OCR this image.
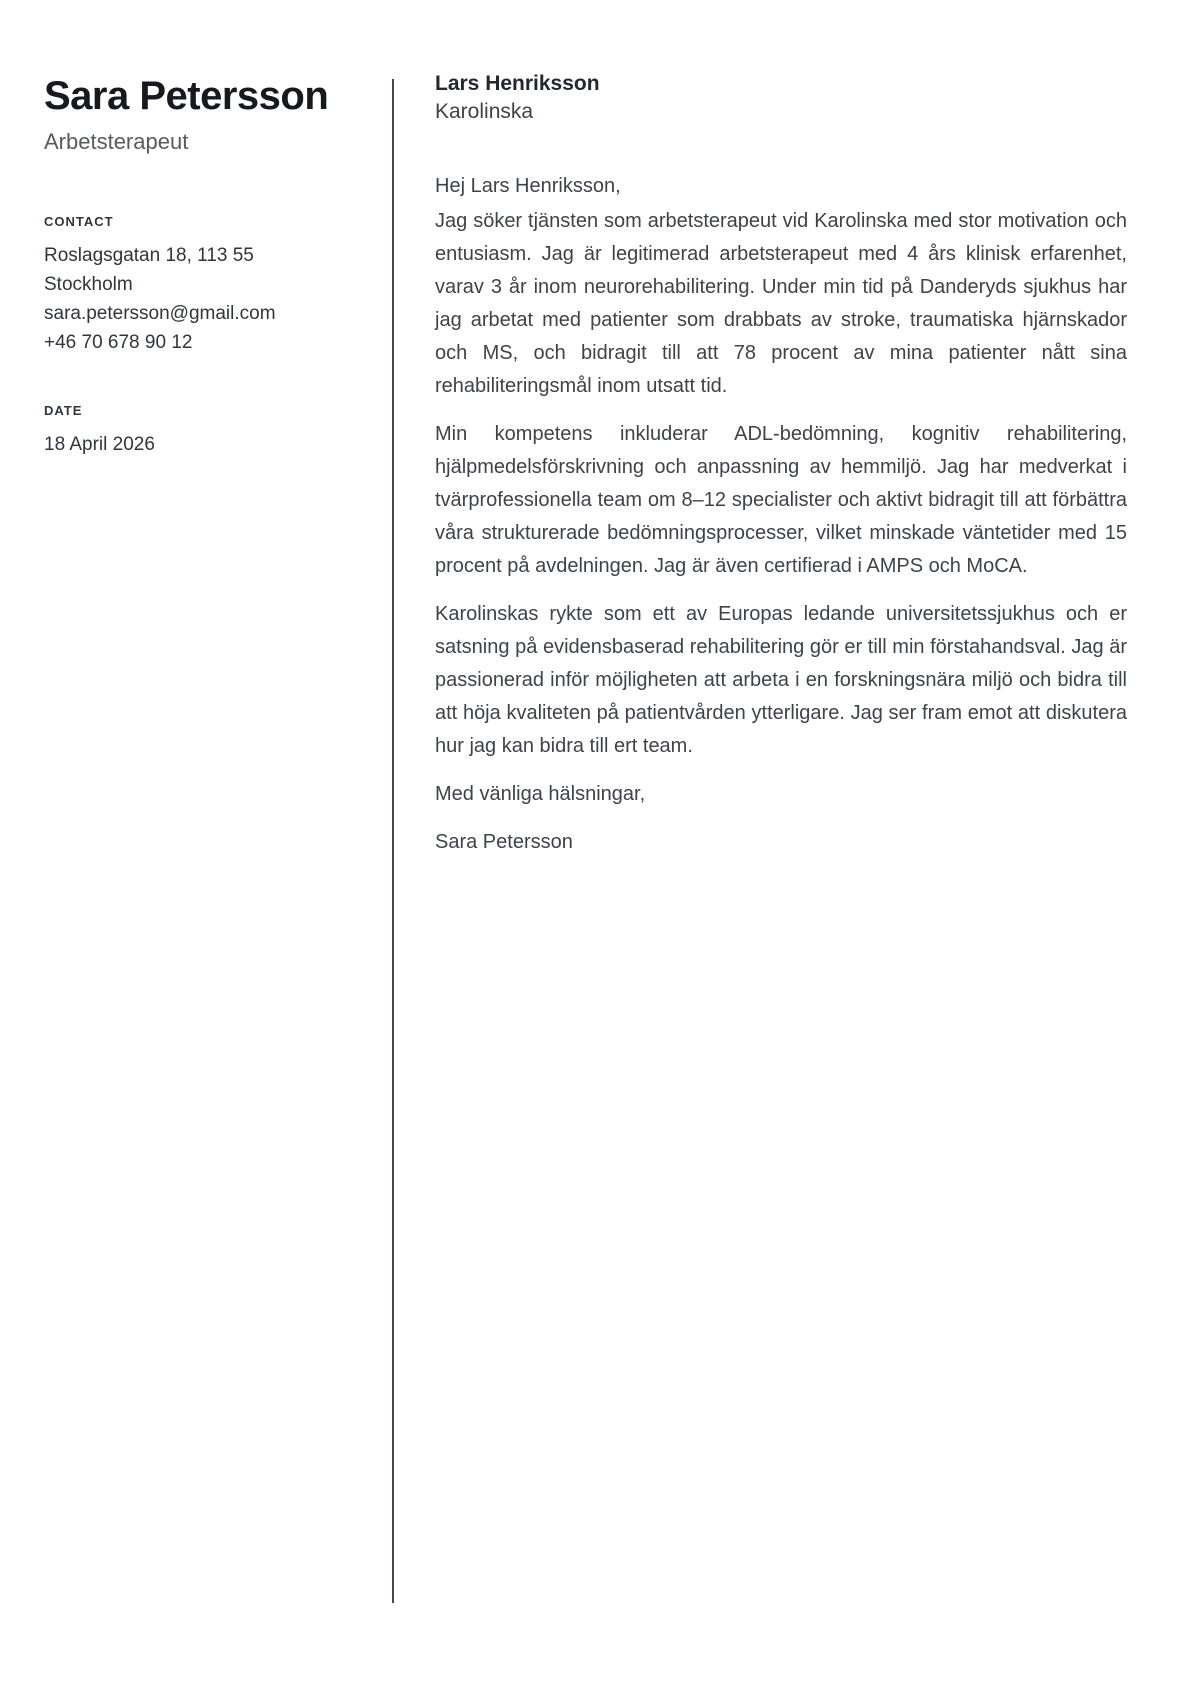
Sara Petersson
Arbetsterapeut
CONTACT
Roslagsgatan 18, 113 55 Stockholm
sara.petersson@gmail.com
+46 70 678 90 12
DATE
18 April 2026
Lars Henriksson
Karolinska

Hej Lars Henriksson,

Jag söker tjänsten som arbetsterapeut vid Karolinska med stor motivation och entusiasm. Jag är legitimerad arbetsterapeut med 4 års klinisk erfarenhet, varav 3 år inom neurorehabilitering. Under min tid på Danderyds sjukhus har jag arbetat med patienter som drabbats av stroke, traumatiska hjärnskador och MS, och bidragit till att 78 procent av mina patienter nått sina rehabiliteringsmål inom utsatt tid.

Min kompetens inkluderar ADL-bedömning, kognitiv rehabilitering, hjälpmedelsförskrivning och anpassning av hemmiljö. Jag har medverkat i tvärprofessionella team om 8–12 specialister och aktivt bidragit till att förbättra våra strukturerade bedömningsprocesser, vilket minskade väntetider med 15 procent på avdelningen. Jag är även certifierad i AMPS och MoCA.

Karolinskas rykte som ett av Europas ledande universitetssjukhus och er satsning på evidensbaserad rehabilitering gör er till min förstahandsval. Jag är passionerad inför möjligheten att arbeta i en forskningsnära miljö och bidra till att höja kvaliteten på patientvården ytterligare. Jag ser fram emot att diskutera hur jag kan bidra till ert team.

Med vänliga hälsningar,

Sara Petersson
